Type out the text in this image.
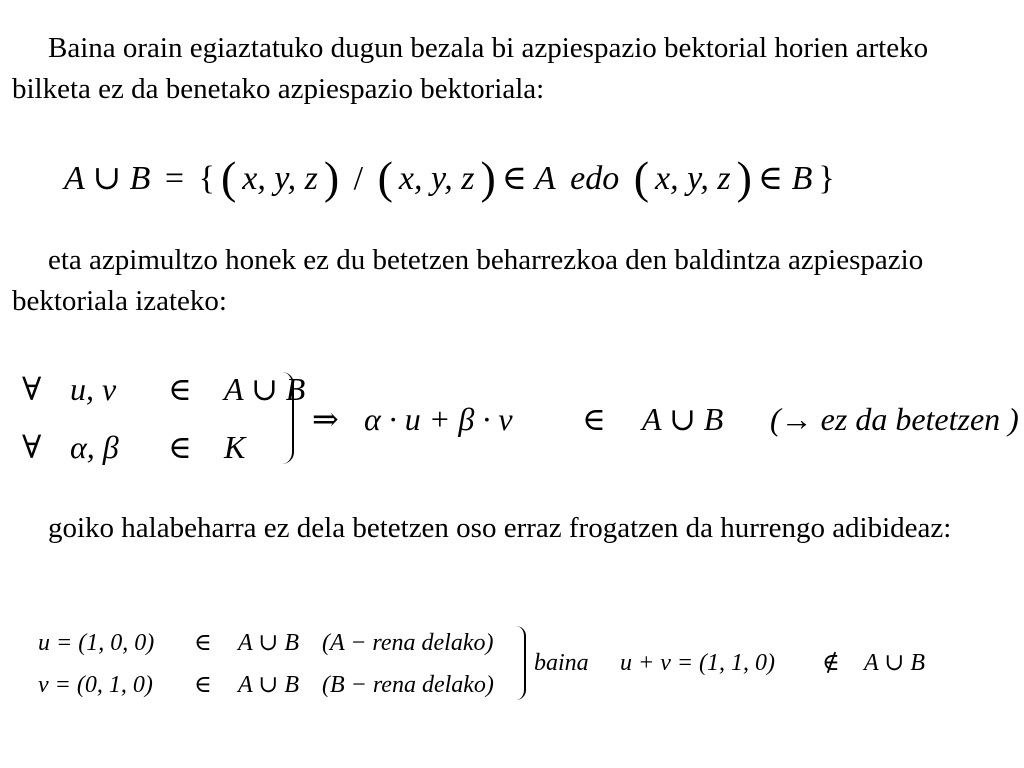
Baina orain egiaztatuko dugun bezala bi azpiespazio bektorial horien arteko bilketa ez da benetako azpiespazio bektoriala:

A ∪ B = { ( x, y, z ) / ( x, y, z ) ∈ A edo ( x, y, z ) ∈ B }

eta azpimultzo honek ez du betetzen beharrezkoa den baldintza azpiespazio bektoriala izateko:

∀ u, v ∈ A ∪ B
∀ α, β ∈ K
⇒ α · u + β · v ∈ A ∪ B (→ ez da betetzen )

goiko halabeharra ez dela betetzen oso erraz frogatzen da hurrengo adibideaz:

u = (1, 0, 0) ∈ A ∪ B (A − rena delako)
v = (0, 1, 0) ∈ A ∪ B (B − rena delako)
baina u + v = (1, 1, 0) ∉ A ∪ B
